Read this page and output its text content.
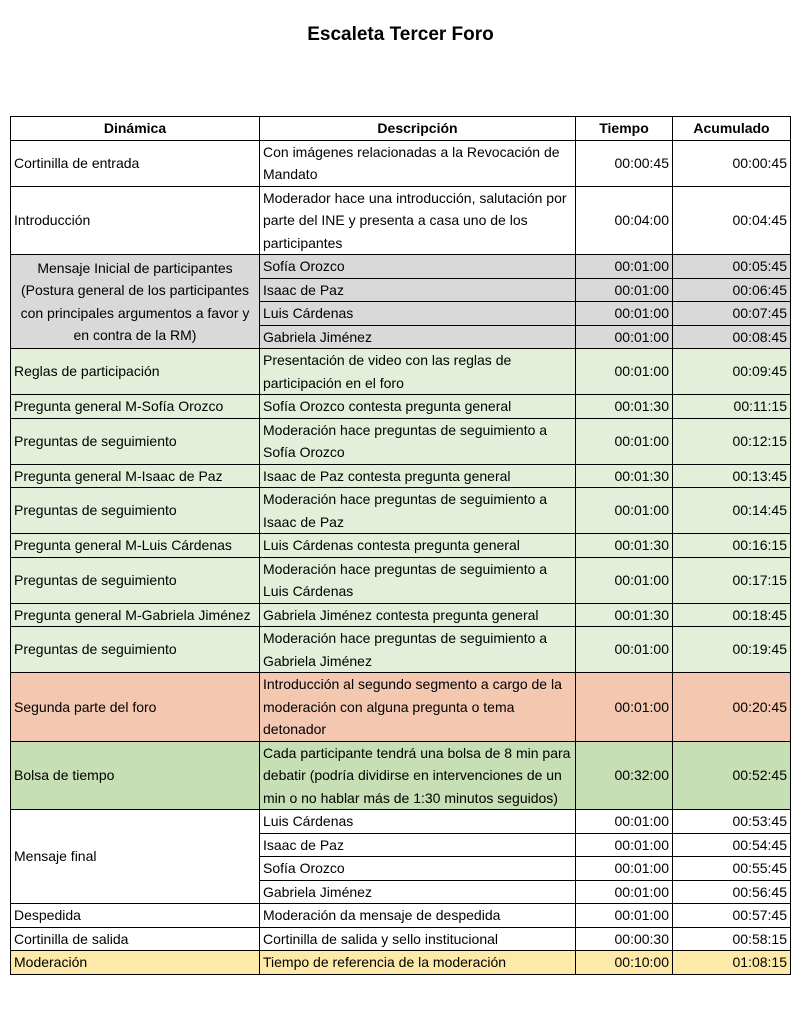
Escaleta Tercer Foro
Dinámica	Descripción	Tiempo	Acumulado
Cortinilla de entrada	Con imágenes relacionadas a la Revocación de Mandato	00:00:45	00:00:45
Introducción	Moderador hace una introducción, salutación por parte del INE y presenta a casa uno de los participantes	00:04:00	00:04:45
Mensaje Inicial de participantes (Postura general de los participantes con principales argumentos a favor y en contra de la RM)	Sofía Orozco	00:01:00	00:05:45
	Isaac de Paz	00:01:00	00:06:45
	Luis Cárdenas	00:01:00	00:07:45
	Gabriela Jiménez	00:01:00	00:08:45
Reglas de participación	Presentación de video con las reglas de participación en el foro	00:01:00	00:09:45
Pregunta general M-Sofía Orozco	Sofía Orozco contesta pregunta general	00:01:30	00:11:15
Preguntas de seguimiento	Moderación hace preguntas de seguimiento a Sofía Orozco	00:01:00	00:12:15
Pregunta general M-Isaac de Paz	Isaac de Paz contesta pregunta general	00:01:30	00:13:45
Preguntas de seguimiento	Moderación hace preguntas de seguimiento a Isaac de Paz	00:01:00	00:14:45
Pregunta general M-Luis Cárdenas	Luis Cárdenas contesta pregunta general	00:01:30	00:16:15
Preguntas de seguimiento	Moderación hace preguntas de seguimiento a Luis Cárdenas	00:01:00	00:17:15
Pregunta general M-Gabriela Jiménez	Gabriela Jiménez contesta pregunta general	00:01:30	00:18:45
Preguntas de seguimiento	Moderación hace preguntas de seguimiento a Gabriela Jiménez	00:01:00	00:19:45
Segunda parte del foro	Introducción al segundo segmento a cargo de la moderación con alguna pregunta o tema detonador	00:01:00	00:20:45
Bolsa de tiempo	Cada participante tendrá una bolsa de 8 min para debatir (podría dividirse en intervenciones de un min o no hablar más de 1:30 minutos seguidos)	00:32:00	00:52:45
Mensaje final	Luis Cárdenas	00:01:00	00:53:45
	Isaac de Paz	00:01:00	00:54:45
	Sofía Orozco	00:01:00	00:55:45
	Gabriela Jiménez	00:01:00	00:56:45
Despedida	Moderación da mensaje de despedida	00:01:00	00:57:45
Cortinilla de salida	Cortinilla de salida y sello institucional	00:00:30	00:58:15
Moderación	Tiempo de referencia de la moderación	00:10:00	01:08:15
